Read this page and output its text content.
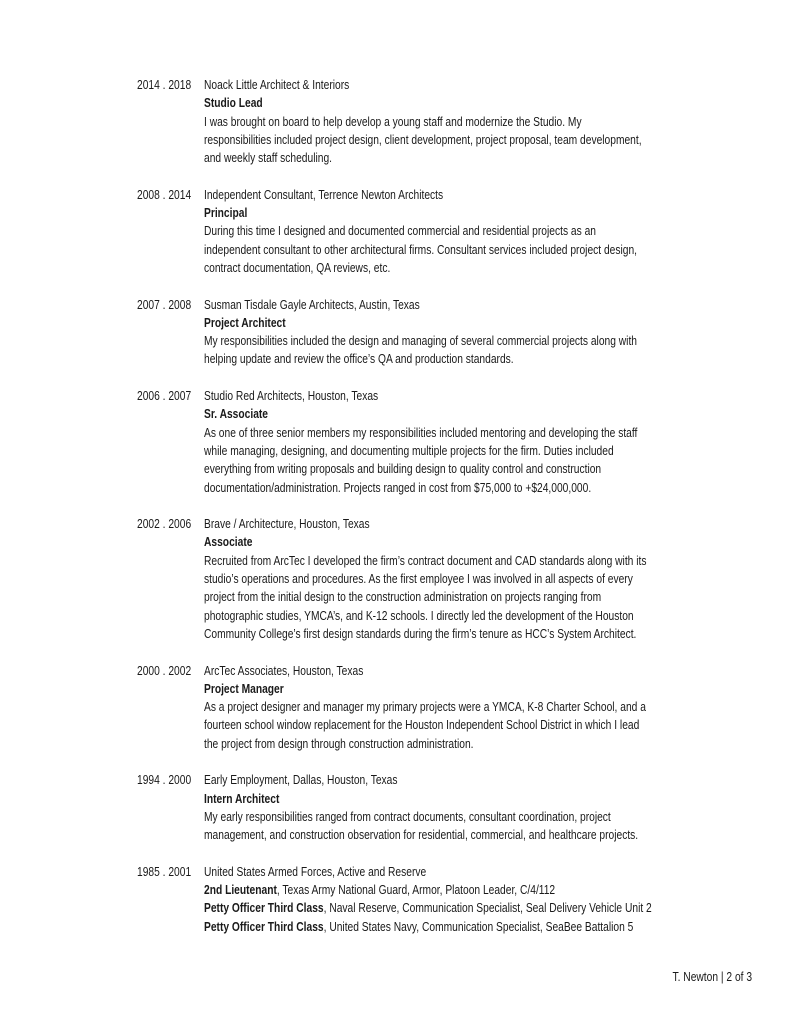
2014 . 2018 Noack Little Architect & Interiors
Studio Lead
I was brought on board to help develop a young staff and modernize the Studio. My
responsibilities included project design, client development, project proposal, team development,
and weekly staff scheduling.
2008 . 2014 Independent Consultant, Terrence Newton Architects
Principal
During this time I designed and documented commercial and residential projects as an
independent consultant to other architectural firms. Consultant services included project design,
contract documentation, QA reviews, etc.
2007 . 2008 Susman Tisdale Gayle Architects, Austin, Texas
Project Architect
My responsibilities included the design and managing of several commercial projects along with
helping update and review the office’s QA and production standards.
2006 . 2007 Studio Red Architects, Houston, Texas
Sr. Associate
As one of three senior members my responsibilities included mentoring and developing the staff
while managing, designing, and documenting multiple projects for the firm. Duties included
everything from writing proposals and building design to quality control and construction
documentation/administration. Projects ranged in cost from $75,000 to +$24,000,000.
2002 . 2006 Brave / Architecture, Houston, Texas
Associate
Recruited from ArcTec I developed the firm’s contract document and CAD standards along with its
studio’s operations and procedures. As the first employee I was involved in all aspects of every
project from the initial design to the construction administration on projects ranging from
photographic studies, YMCA’s, and K-12 schools. I directly led the development of the Houston
Community College’s first design standards during the firm’s tenure as HCC’s System Architect.
2000 . 2002 ArcTec Associates, Houston, Texas
Project Manager
As a project designer and manager my primary projects were a YMCA, K-8 Charter School, and a
fourteen school window replacement for the Houston Independent School District in which I lead
the project from design through construction administration.
1994 . 2000 Early Employment, Dallas, Houston, Texas
Intern Architect
My early responsibilities ranged from contract documents, consultant coordination, project
management, and construction observation for residential, commercial, and healthcare projects.
1985 . 2001 United States Armed Forces, Active and Reserve
2nd Lieutenant, Texas Army National Guard, Armor, Platoon Leader, C/4/112
Petty Officer Third Class, Naval Reserve, Communication Specialist, Seal Delivery Vehicle Unit 2
Petty Officer Third Class, United States Navy, Communication Specialist, SeaBee Battalion 5
T. Newton | 2 of 3
